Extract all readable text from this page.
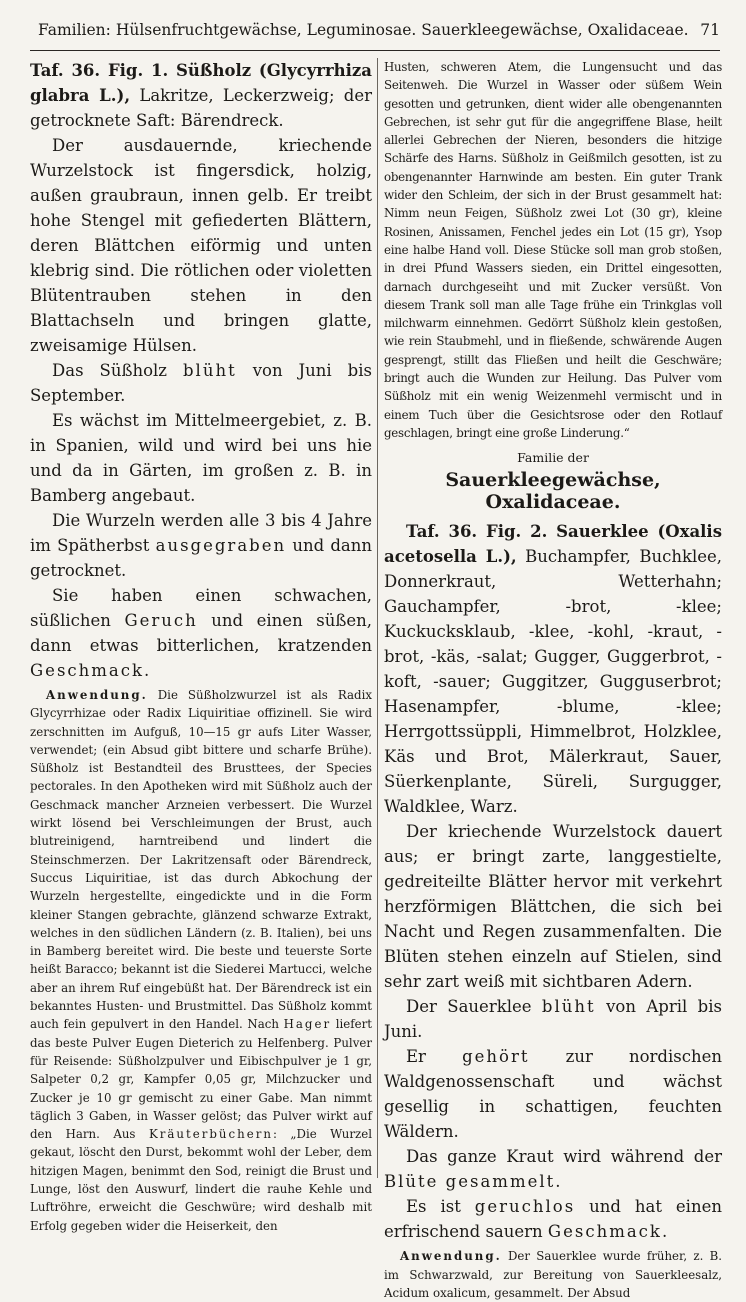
Familien: Hülsenfruchtgewächse, Leguminosae. Sauerkleegewächse, Oxalidaceae. 71

Taf. 36. Fig. 1. Süßholz (Glycyrrhiza glabra L.), Lakritze, Leckerzweig; der getrocknete Saft: Bärendreck.

Der ausdauernde, kriechende Wurzelstock ist fingersdick, holzig, außen graubraun, innen gelb. Er treibt hohe Stengel mit gefiederten Blättern, deren Blättchen eiförmig und unten klebrig sind. Die rötlichen oder violetten Blütentrauben stehen in den Blattachseln und bringen glatte, zweisamige Hülsen.

Das Süßholz blüht von Juni bis September.

Es wächst im Mittelmeergebiet, z. B. in Spanien, wild und wird bei uns hie und da in Gärten, im großen z. B. in Bamberg angebaut.

Die Wurzeln werden alle 3 bis 4 Jahre im Spätherbst ausgegraben und dann getrocknet.

Sie haben einen schwachen, süßlichen Geruch und einen süßen, dann etwas bitterlichen, kratzenden Geschmack.

Anwendung. Die Süßholzwurzel ist als Radix Glycyrrhizae oder Radix Liquiritiae offizinell. Sie wird zerschnitten im Aufguß, 10—15 gr aufs Liter Wasser, verwendet; (ein Absud gibt bittere und scharfe Brühe). Süßholz ist Bestandteil des Brusttees, der Species pectorales. In den Apotheken wird mit Süßholz auch der Geschmack mancher Arzneien verbessert. Die Wurzel wirkt lösend bei Verschleimungen der Brust, auch blutreinigend, harntreibend und lindert die Steinschmerzen. Der Lakritzensaft oder Bärendreck, Succus Liquiritiae, ist das durch Abkochung der Wurzeln hergestellte, eingedickte und in die Form kleiner Stangen gebrachte, glänzend schwarze Extrakt, welches in den südlichen Ländern (z. B. Italien), bei uns in Bamberg bereitet wird. Die beste und teuerste Sorte heißt Baracco; bekannt ist die Siederei Martucci, welche aber an ihrem Ruf eingebüßt hat. Der Bärendreck ist ein bekanntes Husten- und Brustmittel. Das Süßholz kommt auch fein gepulvert in den Handel. Nach Hager liefert das beste Pulver Eugen Dieterich zu Helfenberg. Pulver für Reisende: Süßholzpulver und Eibischpulver je 1 gr, Salpeter 0,2 gr, Kampfer 0,05 gr, Milchzucker und Zucker je 10 gr gemischt zu einer Gabe. Man nimmt täglich 3 Gaben, in Wasser gelöst; das Pulver wirkt auf den Harn. Aus Kräuterbüchern: „Die Wurzel gekaut, löscht den Durst, bekommt wohl der Leber, dem hitzigen Magen, benimmt den Sod, reinigt die Brust und Lunge, löst den Auswurf, lindert die rauhe Kehle und Luftröhre, erweicht die Geschwüre; wird deshalb mit Erfolg gegeben wider die Heiserkeit, den

Husten, schweren Atem, die Lungensucht und das Seitenweh. Die Wurzel in Wasser oder süßem Wein gesotten und getrunken, dient wider alle obengenannten Gebrechen, ist sehr gut für die angegriffene Blase, heilt allerlei Gebrechen der Nieren, besonders die hitzige Schärfe des Harns. Süßholz in Geißmilch gesotten, ist zu obengenannter Harnwinde am besten. Ein guter Trank wider den Schleim, der sich in der Brust gesammelt hat: Nimm neun Feigen, Süßholz zwei Lot (30 gr), kleine Rosinen, Anissamen, Fenchel jedes ein Lot (15 gr), Ysop eine halbe Hand voll. Diese Stücke soll man grob stoßen, in drei Pfund Wassers sieden, ein Drittel eingesotten, darnach durchgeseiht und mit Zucker versüßt. Von diesem Trank soll man alle Tage frühe ein Trinkglas voll milchwarm einnehmen. Gedörrt Süßholz klein gestoßen, wie rein Staubmehl, und in fließende, schwärende Augen gesprengt, stillt das Fließen und heilt die Geschwäre; bringt auch die Wunden zur Heilung. Das Pulver vom Süßholz mit ein wenig Weizenmehl vermischt und in einem Tuch über die Gesichtsrose oder den Rotlauf geschlagen, bringt eine große Linderung.“

Familie der
Sauerkleegewächse, Oxalidaceae.

Taf. 36. Fig. 2. Sauerklee (Oxalis acetosella L.), Buchampfer, Buchklee, Donnerkraut, Wetterhahn; Gauchampfer, -brot, -klee; Kuckucksklaub, -klee, -kohl, -kraut, -brot, -käs, -salat; Gugger, Guggerbrot, -koft, -sauer; Guggitzer, Gugguserbrot; Hasenampfer, -blume, -klee; Herrgottssüppli, Himmelbrot, Holzklee, Käs und Brot, Mälerkraut, Sauer, Süerkenplante, Süreli, Surgugger, Waldklee, Warz.

Der kriechende Wurzelstock dauert aus; er bringt zarte, langgestielte, gedreiteilte Blätter hervor mit verkehrt herzförmigen Blättchen, die sich bei Nacht und Regen zusammenfalten. Die Blüten stehen einzeln auf Stielen, sind sehr zart weiß mit sichtbaren Adern.

Der Sauerklee blüht von April bis Juni.

Er gehört zur nordischen Waldgenossenschaft und wächst gesellig in schattigen, feuchten Wäldern.

Das ganze Kraut wird während der Blüte gesammelt.

Es ist geruchlos und hat einen erfrischend sauern Geschmack.

Anwendung. Der Sauerklee wurde früher, z. B. im Schwarzwald, zur Bereitung von Sauerkleesalz, Acidum oxalicum, gesammelt. Der Absud
